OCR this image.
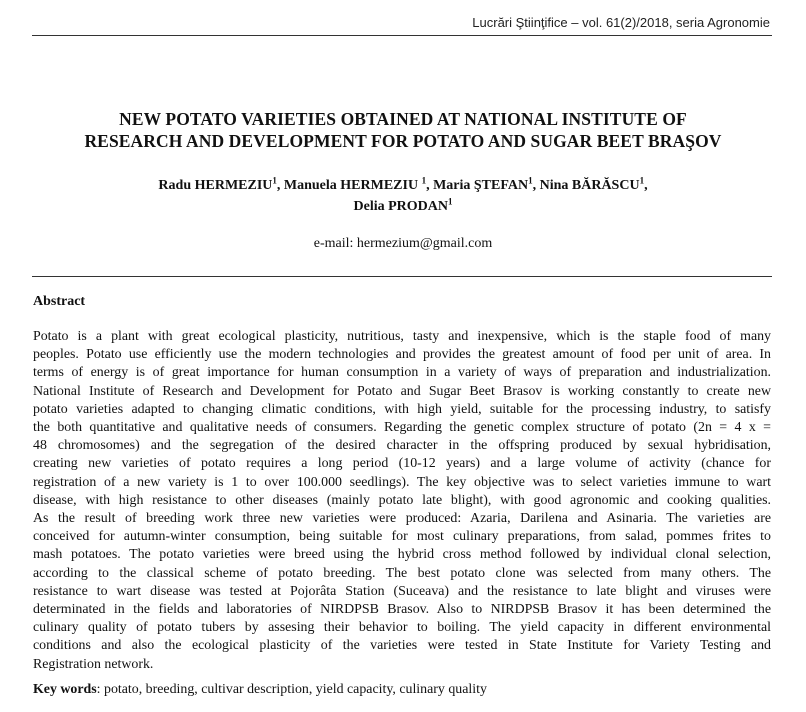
Lucrări Ştiinţifice – vol. 61(2)/2018, seria Agronomie
NEW POTATO VARIETIES OBTAINED AT NATIONAL INSTITUTE OF
RESEARCH AND DEVELOPMENT FOR POTATO AND SUGAR BEET BRAŞOV
Radu HERMEZIU$^1$, Manuela HERMEZIU $^1$, Maria ŞTEFAN$^1$, Nina BĂRĂSCU$^1$,
Delia PRODAN$^1$
e-mail: hermezium@gmail.com
Abstract
Potato is a plant with great ecological plasticity, nutritious, tasty and inexpensive, which is the staple food of many
peoples. Potato use efficiently use the modern technologies and provides the greatest amount of food per unit of area. In
terms of energy is of great importance for human consumption in a variety of ways of preparation and industrialization.
National Institute of Research and Development for Potato and Sugar Beet Brasov is working constantly to create new
potato varieties adapted to changing climatic conditions, with high yield, suitable for the processing industry, to satisfy
the both quantitative and qualitative needs of consumers. Regarding the genetic complex structure of potato (2n = 4 x =
48 chromosomes) and the segregation of the desired character in the offspring produced by sexual hybridisation,
creating new varieties of potato requires a long period (10-12 years) and a large volume of activity (chance for
registration of a new variety is 1 to over 100.000 seedlings). The key objective was to select varieties immune to wart
disease, with high resistance to other diseases (mainly potato late blight), with good agronomic and cooking qualities.
As the result of breeding work three new varieties were produced: Azaria, Darilena and Asinaria. The varieties are
conceived for autumn-winter consumption, being suitable for most culinary preparations, from salad, pommes frites to
mash potatoes. The potato varieties were breed using the hybrid cross method followed by individual clonal selection,
according to the classical scheme of potato breeding. The best potato clone was selected from many others. The
resistance to wart disease was tested at Pojorâta Station (Suceava) and the resistance to late blight and viruses were
determinated in the fields and laboratories of NIRDPSB Brasov. Also to NIRDPSB Brasov it has been determined the
culinary quality of potato tubers by assesing their behavior to boiling. The yield capacity in different environmental
conditions and also the ecological plasticity of the varieties were tested in State Institute for Variety Testing and
Registration network.
Key words: potato, breeding, cultivar description, yield capacity, culinary quality
